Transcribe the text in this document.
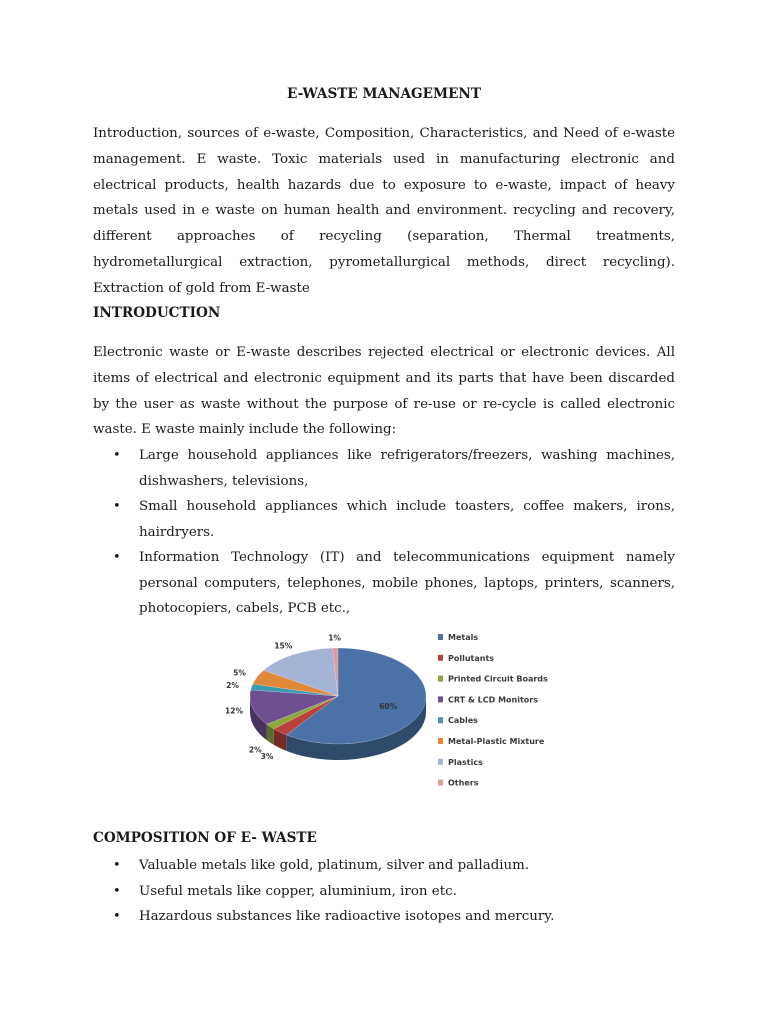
E-WASTE MANAGEMENT

Introduction, sources of e-waste, Composition, Characteristics, and Need of e-waste management. E waste. Toxic materials used in manufacturing electronic and electrical products, health hazards due to exposure to e-waste, impact of heavy metals used in e waste on human health and environment. recycling and recovery, different approaches of recycling (separation, Thermal treatments, hydrometallurgical extraction, pyrometallurgical methods, direct recycling). Extraction of gold from E-waste

INTRODUCTION

Electronic waste or E-waste describes rejected electrical or electronic devices. All items of electrical and electronic equipment and its parts that have been discarded by the user as waste without the purpose of re-use or re-cycle is called electronic waste. E waste mainly include the following:

• Large household appliances like refrigerators/freezers, washing machines, dishwashers, televisions,
• Small household appliances which include toasters, coffee makers, irons, hairdryers.
• Information Technology (IT) and telecommunications equipment namely personal computers, telephones, mobile phones, laptops, printers, scanners, photocopiers, cabels, PCB etc.,
60%
3%
2%
12%
2%
5%
15%
1%	Metals
Pollutants
Printed Circuit Boards
CRT & LCD Monitors
Cables
Metal-Plastic Mixture
Plastics
Others
COMPOSITION OF E- WASTE
• Valuable metals like gold, platinum, silver and palladium.
• Useful metals like copper, aluminium, iron etc.
• Hazardous substances like radioactive isotopes and mercury.
